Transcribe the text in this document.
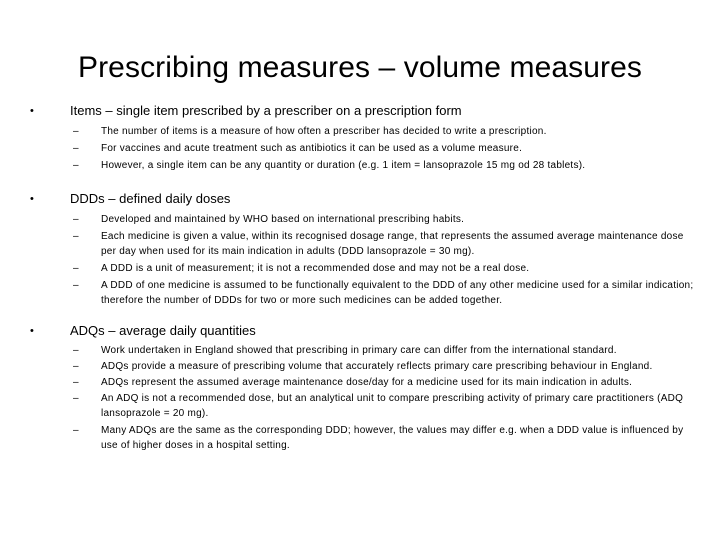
Prescribing measures – volume measures
•	Items – single item prescribed by a prescriber on a prescription form
– The number of items is a measure of how often a prescriber has decided to write a prescription.
– For vaccines and acute treatment such as antibiotics it can be used as a volume measure.
– However, a single item can be any quantity or duration (e.g. 1 item = lansoprazole 15 mg od 28 tablets).
•	DDDs – defined daily doses
– Developed and maintained by WHO based on international prescribing habits.
– Each medicine is given a value, within its recognised dosage range, that represents the assumed average maintenance dose per day when used for its main indication in adults (DDD lansoprazole = 30 mg).
– A DDD is a unit of measurement; it is not a recommended dose and may not be a real dose.
– A DDD of one medicine is assumed to be functionally equivalent to the DDD of any other medicine used for a similar indication; therefore the number of DDDs for two or more such medicines can be added together.
•	ADQs – average daily quantities
– Work undertaken in England showed that prescribing in primary care can differ from the international standard.
– ADQs provide a measure of prescribing volume that accurately reflects primary care prescribing behaviour in England.
– ADQs represent the assumed average maintenance dose/day for a medicine used for its main indication in adults.
– An ADQ is not a recommended dose, but an analytical unit to compare prescribing activity of primary care practitioners (ADQ lansoprazole = 20 mg).
– Many ADQs are the same as the corresponding DDD; however, the values may differ e.g. when a DDD value is influenced by use of higher doses in a hospital setting.
